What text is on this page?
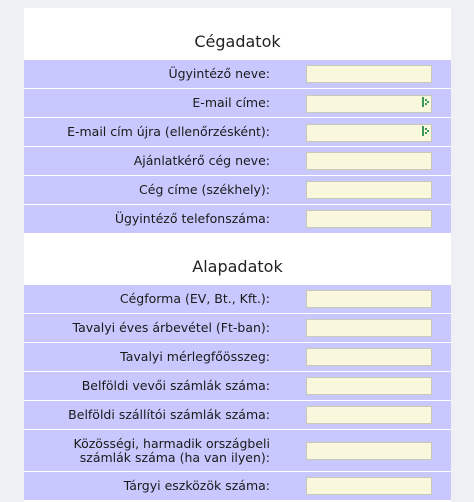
Cégadatok
Ügyintéző neve:
E-mail címe:
E-mail cím újra (ellenőrzésként):
Ajánlatkérő cég neve:
Cég címe (székhely):
Ügyintéző telefonszáma:
Alapadatok
Cégforma (EV, Bt., Kft.):
Tavalyi éves árbevétel (Ft-ban):
Tavalyi mérlegfőösszeg:
Belföldi vevői számlák száma:
Belföldi szállítói számlák száma:
Közösségi, harmadik országbeli számlák száma (ha van ilyen):
Tárgyi eszközök száma:
